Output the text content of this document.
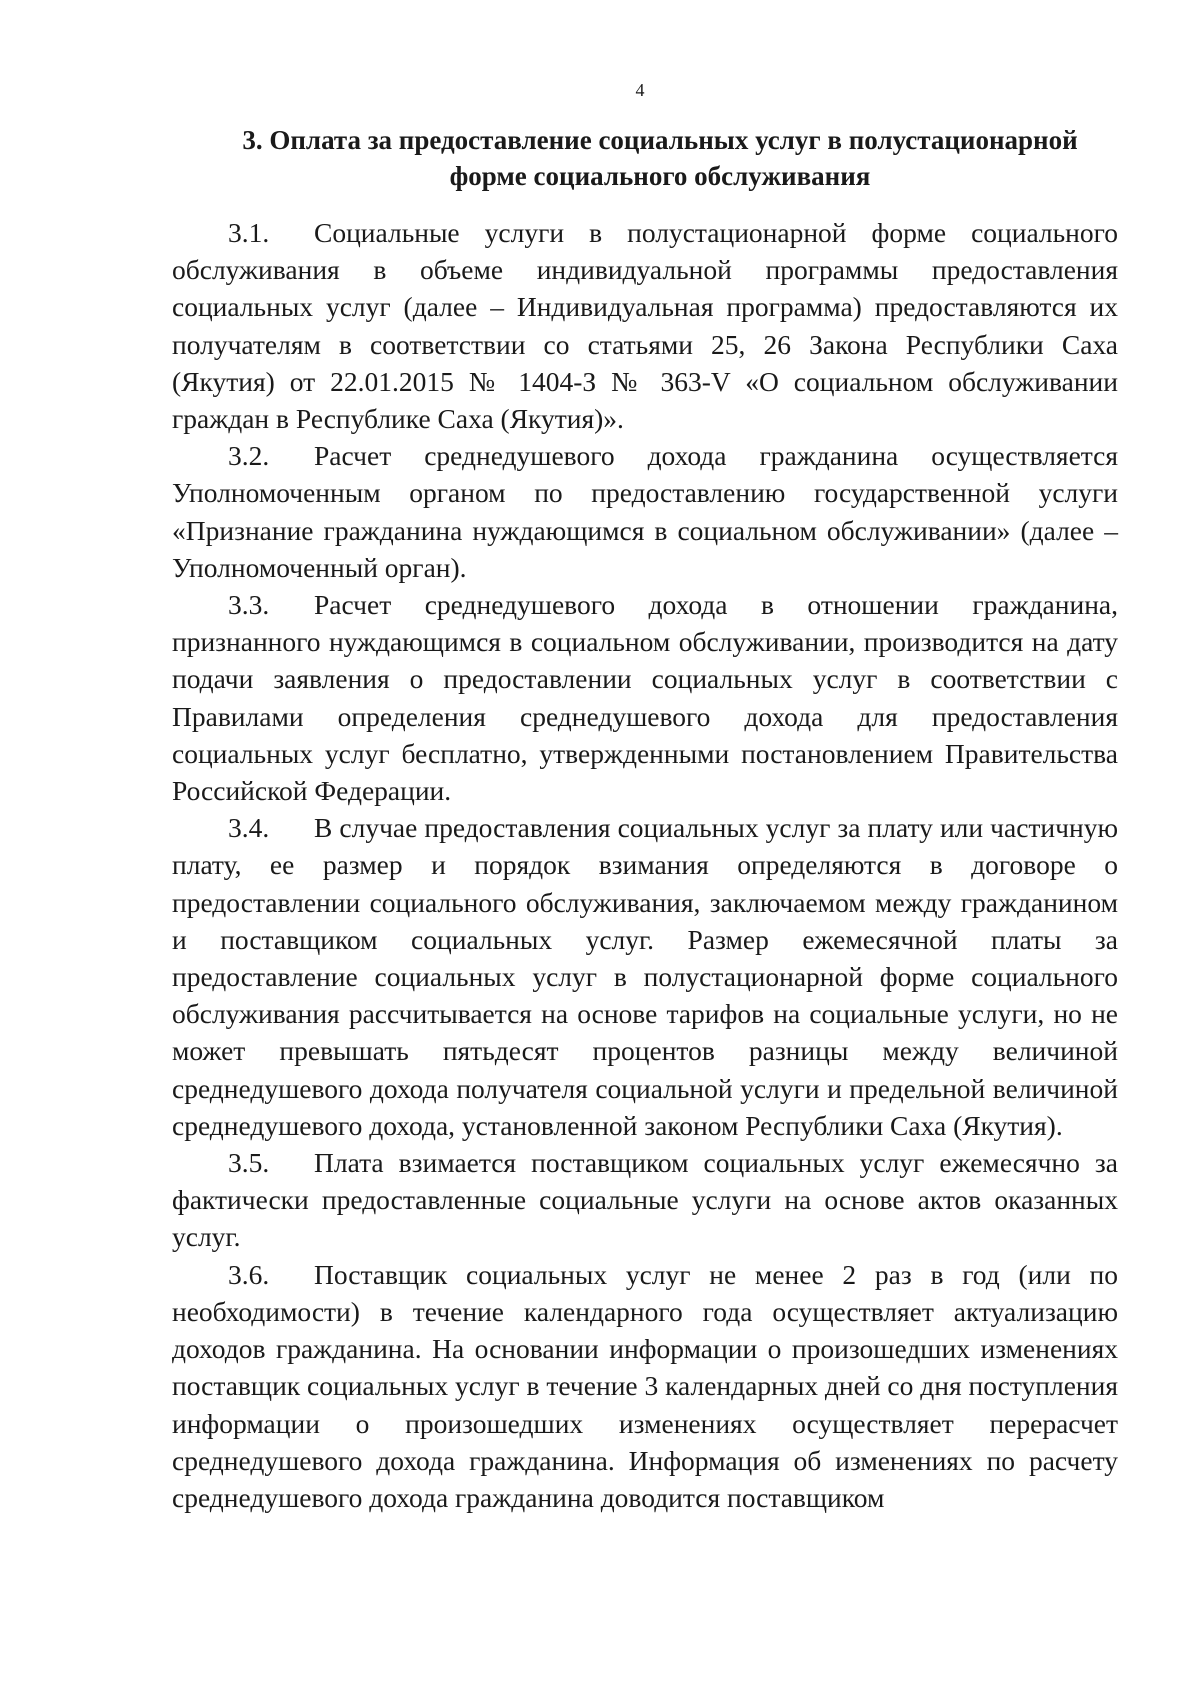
4
3. Оплата за предоставление социальных услуг в полустационарной форме социального обслуживания

3.1. Социальные услуги в полустационарной форме социального обслуживания в объеме индивидуальной программы предоставления социальных услуг (далее – Индивидуальная программа) предоставляются их получателям в соответствии со статьями 25, 26 Закона Республики Саха (Якутия) от 22.01.2015 № 1404-З № 363-V «О социальном обслуживании граждан в Республике Саха (Якутия)».

3.2. Расчет среднедушевого дохода гражданина осуществляется Уполномоченным органом по предоставлению государственной услуги «Признание гражданина нуждающимся в социальном обслуживании» (далее – Уполномоченный орган).

3.3. Расчет среднедушевого дохода в отношении гражданина, признанного нуждающимся в социальном обслуживании, производится на дату подачи заявления о предоставлении социальных услуг в соответствии с Правилами определения среднедушевого дохода для предоставления социальных услуг бесплатно, утвержденными постановлением Правительства Российской Федерации.

3.4. В случае предоставления социальных услуг за плату или частичную плату, ее размер и порядок взимания определяются в договоре о предоставлении социального обслуживания, заключаемом между гражданином и поставщиком социальных услуг. Размер ежемесячной платы за предоставление социальных услуг в полустационарной форме социального обслуживания рассчитывается на основе тарифов на социальные услуги, но не может превышать пятьдесят процентов разницы между величиной среднедушевого дохода получателя социальной услуги и предельной величиной среднедушевого дохода, установленной законом Республики Саха (Якутия).

3.5. Плата взимается поставщиком социальных услуг ежемесячно за фактически предоставленные социальные услуги на основе актов оказанных услуг.

3.6. Поставщик социальных услуг не менее 2 раз в год (или по необходимости) в течение календарного года осуществляет актуализацию доходов гражданина. На основании информации о произошедших изменениях поставщик социальных услуг в течение 3 календарных дней со дня поступления информации о произошедших изменениях осуществляет перерасчет среднедушевого дохода гражданина. Информация об изменениях по расчету среднедушевого дохода гражданина доводится поставщиком
